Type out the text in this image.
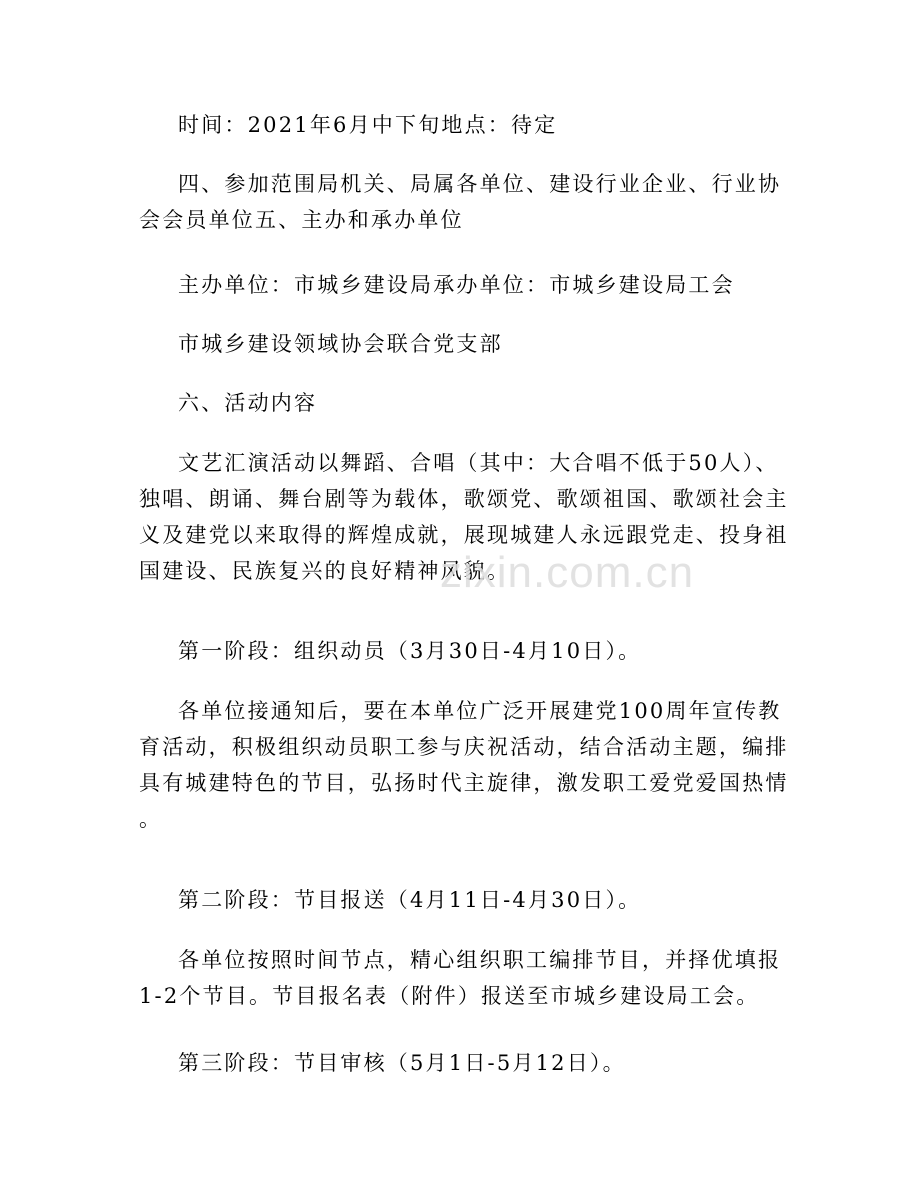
时间：2021年6月中下旬地点：待定

四、参加范围局机关、局属各单位、建设行业企业、行业协
会会员单位五、主办和承办单位

主办单位：市城乡建设局承办单位：市城乡建设局工会

市城乡建设领域协会联合党支部

六、活动内容

文艺汇演活动以舞蹈、合唱（其中：大合唱不低于50人）、
独唱、朗诵、舞台剧等为载体，歌颂党、歌颂祖国、歌颂社会主
义及建党以来取得的辉煌成就，展现城建人永远跟党走、投身祖
国建设、民族复兴的良好精神风貌。

第一阶段：组织动员（3月30日-4月10日）。

各单位接通知后，要在本单位广泛开展建党100周年宣传教
育活动，积极组织动员职工参与庆祝活动，结合活动主题，编排
具有城建特色的节目，弘扬时代主旋律，激发职工爱党爱国热情
。

第二阶段：节目报送（4月11日-4月30日）。

各单位按照时间节点，精心组织职工编排节目，并择优填报
1-2个节目。节目报名表（附件）报送至市城乡建设局工会。

第三阶段：节目审核（5月1日-5月12日）。

zixin.com.cn
